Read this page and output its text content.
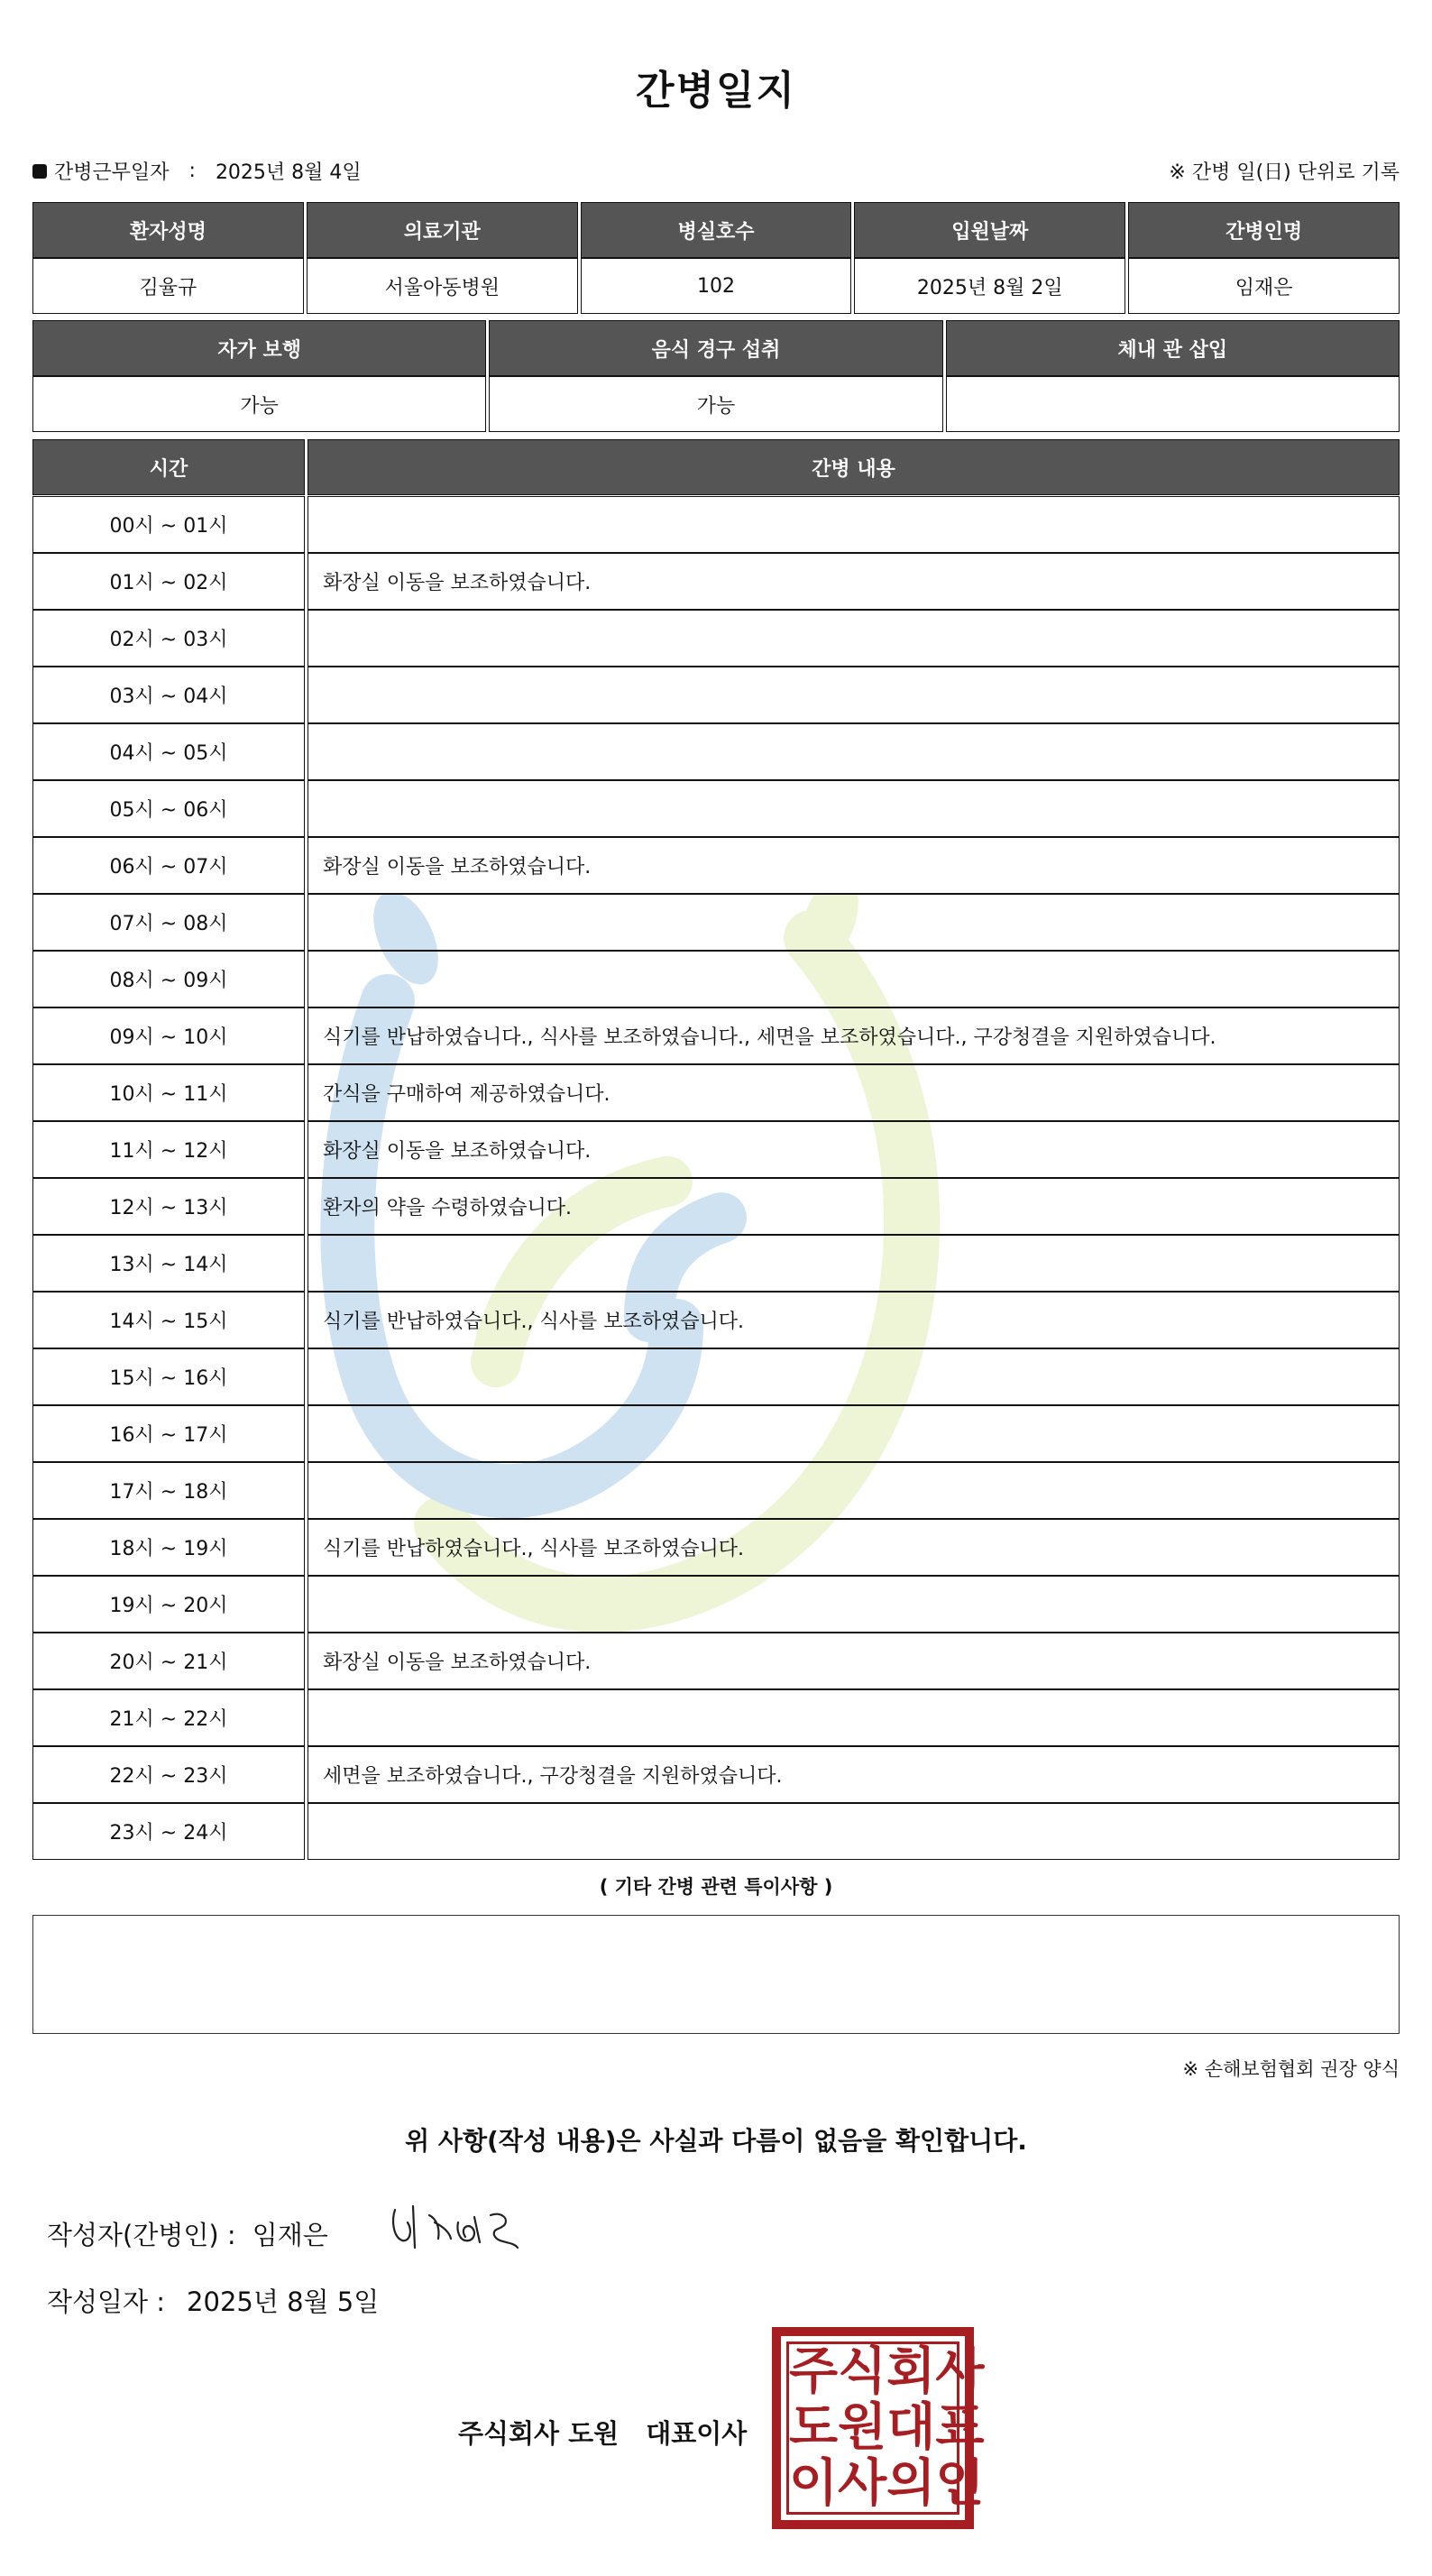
간병일지
간병근무일자 : 2025년 8월 4일	※ 간병 일(日) 단위로 기록
환자성명	의료기관	병실호수	입원날짜	간병인명
김율규	서울아동병원	102	2025년 8월 2일	임재은
자가 보행	음식 경구 섭취	체내 관 삽입
가능	가능
시간	간병 내용
00시 ~ 01시
01시 ~ 02시	화장실 이동을 보조하였습니다.
02시 ~ 03시
03시 ~ 04시
04시 ~ 05시
05시 ~ 06시
06시 ~ 07시	화장실 이동을 보조하였습니다.
07시 ~ 08시
08시 ~ 09시
09시 ~ 10시	식기를 반납하였습니다., 식사를 보조하였습니다., 세면을 보조하였습니다., 구강청결을 지원하였습니다.
10시 ~ 11시	간식을 구매하여 제공하였습니다.
11시 ~ 12시	화장실 이동을 보조하였습니다.
12시 ~ 13시	환자의 약을 수령하였습니다.
13시 ~ 14시
14시 ~ 15시	식기를 반납하였습니다., 식사를 보조하였습니다.
15시 ~ 16시
16시 ~ 17시
17시 ~ 18시
18시 ~ 19시	식기를 반납하였습니다., 식사를 보조하였습니다.
19시 ~ 20시
20시 ~ 21시	화장실 이동을 보조하였습니다.
21시 ~ 22시
22시 ~ 23시	세면을 보조하였습니다., 구강청결을 지원하였습니다.
23시 ~ 24시
( 기타 간병 관련 특이사항 )
※ 손해보험협회 권장 양식
위 사항(작성 내용)은 사실과 다름이 없음을 확인합니다.
작성자(간병인) : 임재은
작성일자 : 2025년 8월 5일
주식회사 도원 대표이사
주 식 회 사
도 원 대 표
이 사 의 인
